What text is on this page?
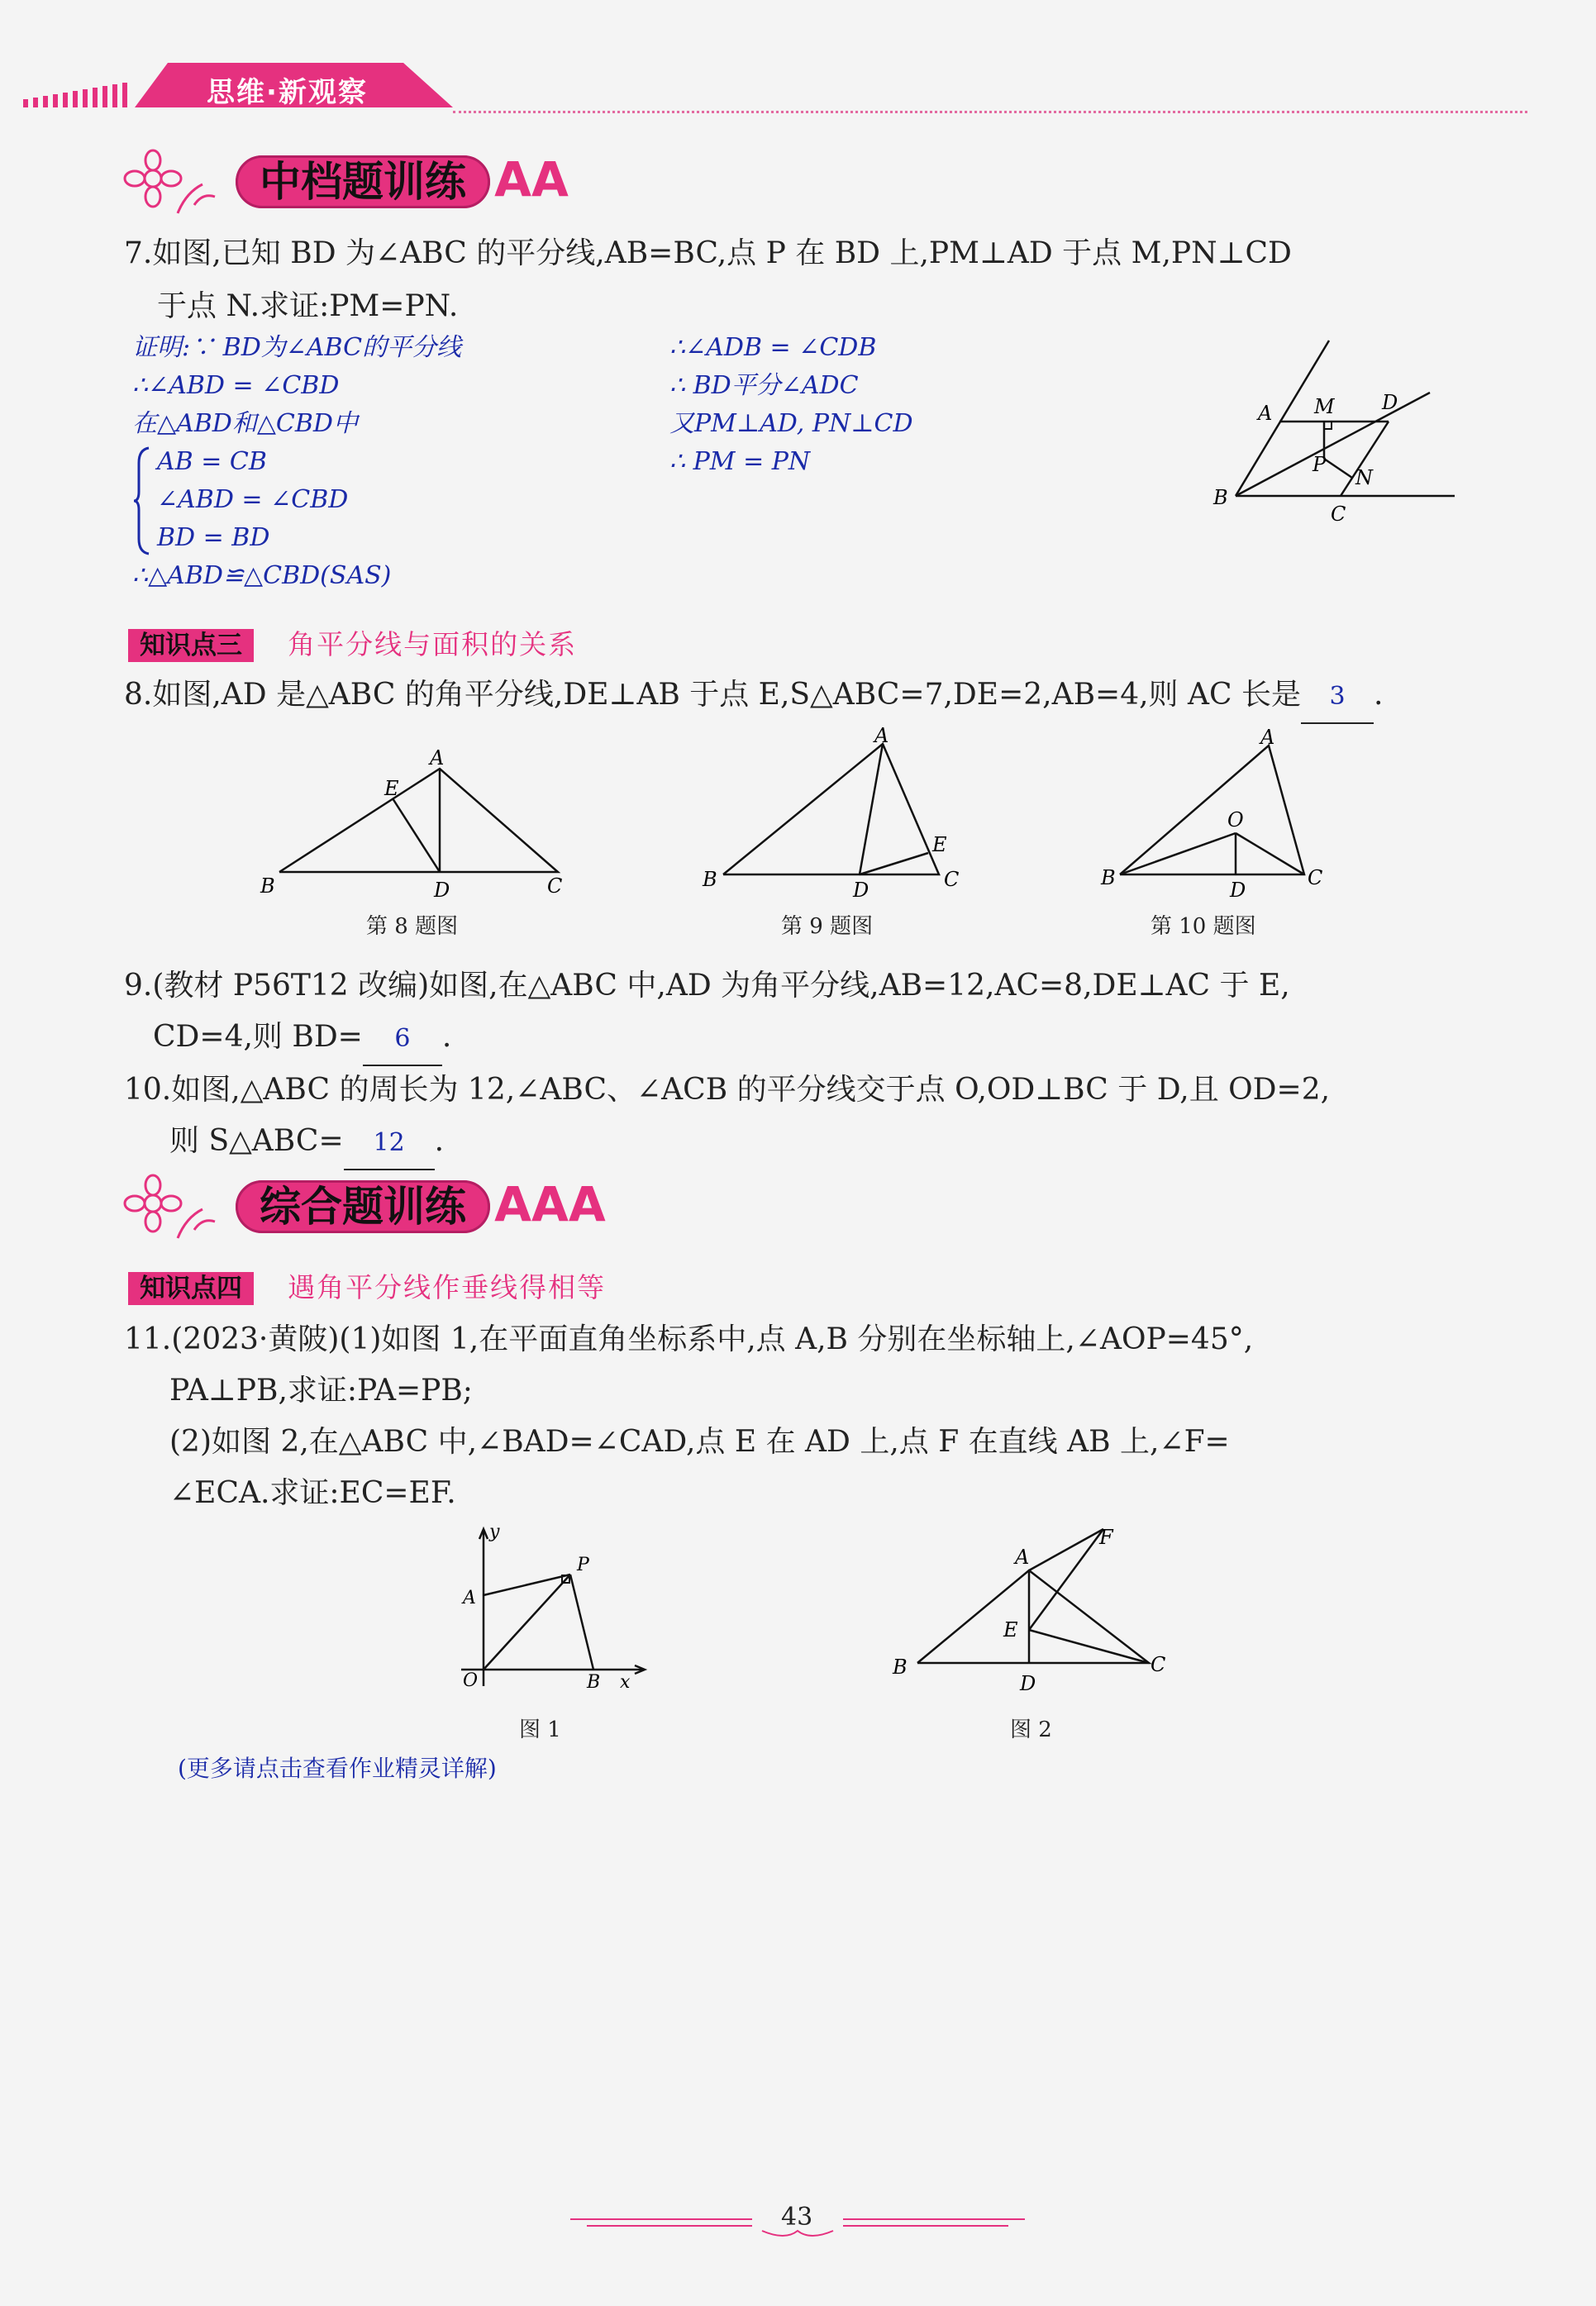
思维·新观察
中档题训练 AA
7.如图,已知 BD 为∠ABC 的平分线,AB=BC,点 P 在 BD 上,PM⊥AD 于点 M,PN⊥CD
于点 N.求证:PM=PN.
证明:∵ BD为∠ABC的平分线
∴∠ABD = ∠CBD
在△ABD和△CBD中
AB = CB
∠ABD = ∠CBD
BD = BD
∴△ABD≌△CBD(SAS)
∴∠ADB = ∠CDB
∴ BD平分∠ADC
又PM⊥AD, PN⊥CD
∴ PM = PN
A M D
P
N
B
C
知识点三 角平分线与面积的关系
8.如图,AD 是△ABC 的角平分线,DE⊥AB 于点 E,S△ABC=7,DE=2,AB=4,则 AC 长是 3 .
A
E
B	D	C
第 8 题图
A
E
B	D	C
第 9 题图
A
O
B
D
C
第 10 题图
9.(教材 P56T12 改编)如图,在△ABC 中,AD 为角平分线,AB=12,AC=8,DE⊥AC 于 E,
CD=4,则 BD= 6 .
10.如图,△ABC 的周长为 12,∠ABC、∠ACB 的平分线交于点 O,OD⊥BC 于 D,且 OD=2,
则 S△ABC= 12 .
综合题训练 AAA
知识点四 遇角平分线作垂线得相等
11.(2023·黄陂)(1)如图 1,在平面直角坐标系中,点 A,B 分别在坐标轴上,∠AOP=45°,
PA⊥PB,求证:PA=PB;
(2)如图 2,在△ABC 中,∠BAD=∠CAD,点 E 在 AD 上,点 F 在直线 AB 上,∠F=
∠ECA.求证:EC=EF.
y
A
P
O	B x
图 1
A
F
E
B
D
C
图 2
(更多请点击查看作业精灵详解)
43
